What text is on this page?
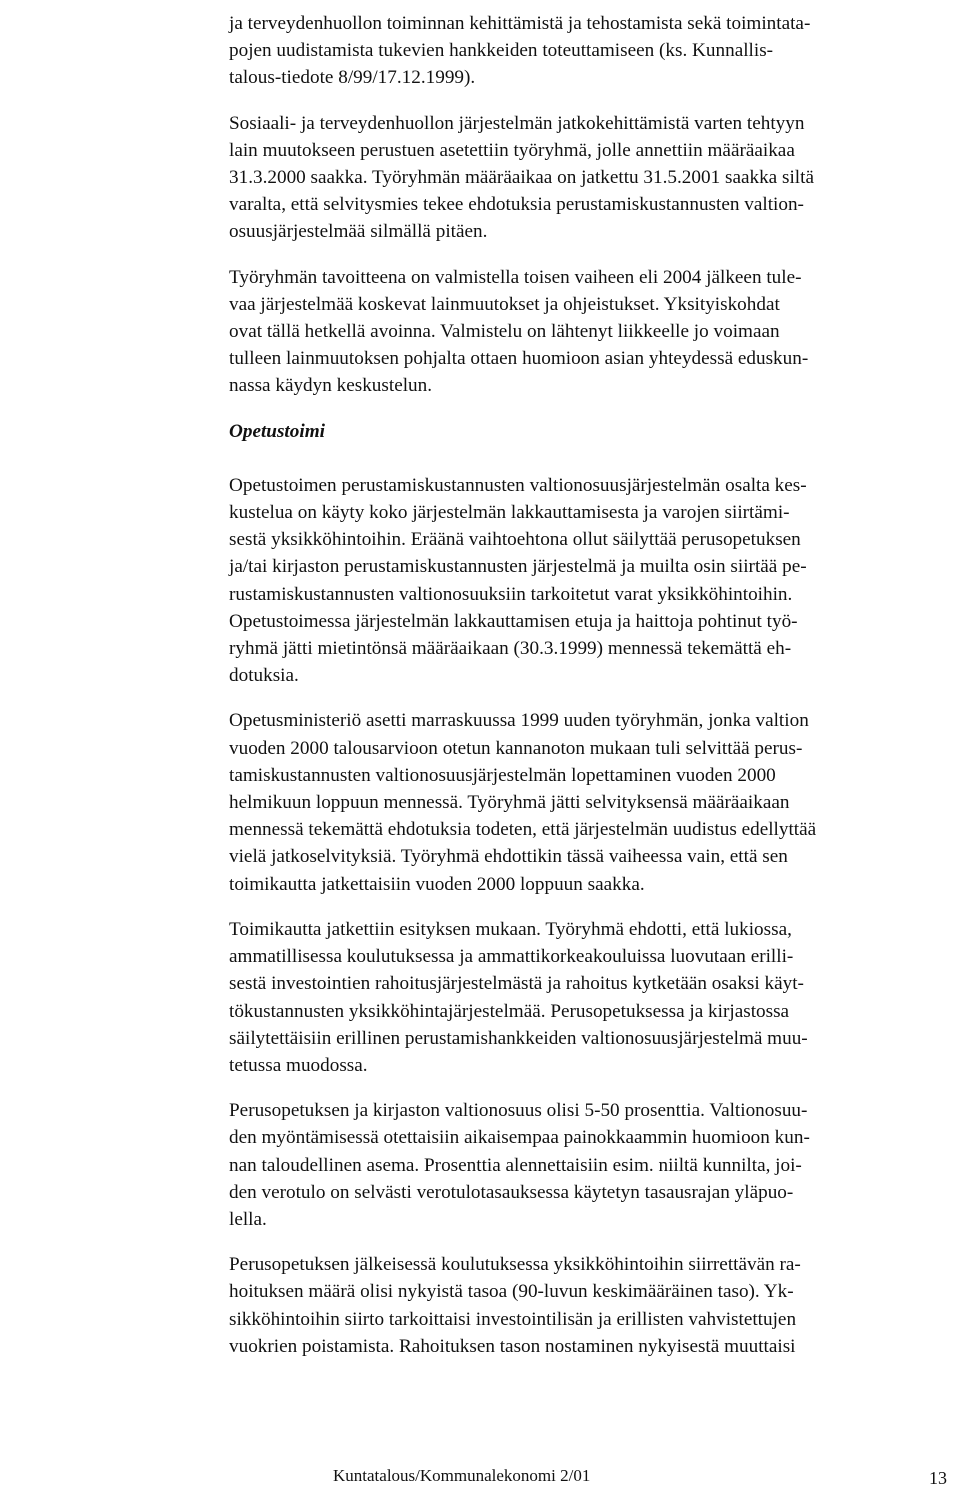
ja terveydenhuollon toiminnan kehittämistä ja tehostamista sekä toimintata-
pojen uudistamista tukevien hankkeiden toteuttamiseen (ks. Kunnallis-
talous-tiedote 8/99/17.12.1999).

Sosiaali- ja terveydenhuollon järjestelmän jatkokehittämistä varten tehtyyn
lain muutokseen perustuen asetettiin työryhmä, jolle annettiin määräaikaa
31.3.2000 saakka. Työryhmän määräaikaa on jatkettu 31.5.2001 saakka siltä
varalta, että selvitysmies tekee ehdotuksia perustamiskustannusten valtion-
osuusjärjestelmää silmällä pitäen.

Työryhmän tavoitteena on valmistella toisen vaiheen eli 2004 jälkeen tule-
vaa järjestelmää koskevat lainmuutokset ja ohjeistukset. Yksityiskohdat
ovat tällä hetkellä avoinna. Valmistelu on lähtenyt liikkeelle jo voimaan
tulleen lainmuutoksen pohjalta ottaen huomioon asian yhteydessä eduskun-
nassa käydyn keskustelun.

Opetustoimi

Opetustoimen perustamiskustannusten valtionosuusjärjestelmän osalta kes-
kustelua on käyty koko järjestelmän lakkauttamisesta ja varojen siirtämi-
sestä yksikköhintoihin. Eräänä vaihtoehtona ollut säilyttää perusopetuksen
ja/tai kirjaston perustamiskustannusten järjestelmä ja muilta osin siirtää pe-
rustamiskustannusten valtionosuuksiin tarkoitetut varat yksikköhintoihin.
Opetustoimessa järjestelmän lakkauttamisen etuja ja haittoja pohtinut työ-
ryhmä jätti mietintönsä määräaikaan (30.3.1999) mennessä tekemättä eh-
dotuksia.

Opetusministeriö asetti marraskuussa 1999 uuden työryhmän, jonka valtion
vuoden 2000 talousarvioon otetun kannanoton mukaan tuli selvittää perus-
tamiskustannusten valtionosuusjärjestelmän lopettaminen vuoden 2000
helmikuun loppuun mennessä. Työryhmä jätti selvityksensä määräaikaan
mennessä tekemättä ehdotuksia todeten, että järjestelmän uudistus edellyttää
vielä jatkoselvityksiä. Työryhmä ehdottikin tässä vaiheessa vain, että sen
toimikautta jatkettaisiin vuoden 2000 loppuun saakka.

Toimikautta jatkettiin esityksen mukaan. Työryhmä ehdotti, että lukiossa,
ammatillisessa koulutuksessa ja ammattikorkeakouluissa luovutaan erilli-
sestä investointien rahoitusjärjestelmästä ja rahoitus kytketään osaksi käyt-
tökustannusten yksikköhintajärjestelmää. Perusopetuksessa ja kirjastossa
säilytettäisiin erillinen perustamishankkeiden valtionosuusjärjestelmä muu-
tetussa muodossa.

Perusopetuksen ja kirjaston valtionosuus olisi 5-50 prosenttia. Valtionosuu-
den myöntämisessä otettaisiin aikaisempaa painokkaammin huomioon kun-
nan taloudellinen asema. Prosenttia alennettaisiin esim. niiltä kunnilta, joi-
den verotulo on selvästi verotulotasauksessa käytetyn tasausrajan yläpuo-
lella.

Perusopetuksen jälkeisessä koulutuksessa yksikköhintoihin siirrettävän ra-
hoituksen määrä olisi nykyistä tasoa (90-luvun keskimääräinen taso). Yk-
sikköhintoihin siirto tarkoittaisi investointilisän ja erillisten vahvistettujen
vuokrien poistamista. Rahoituksen tason nostaminen nykyisestä muuttaisi

Kuntatalous/Kommunalekonomi 2/01	13
